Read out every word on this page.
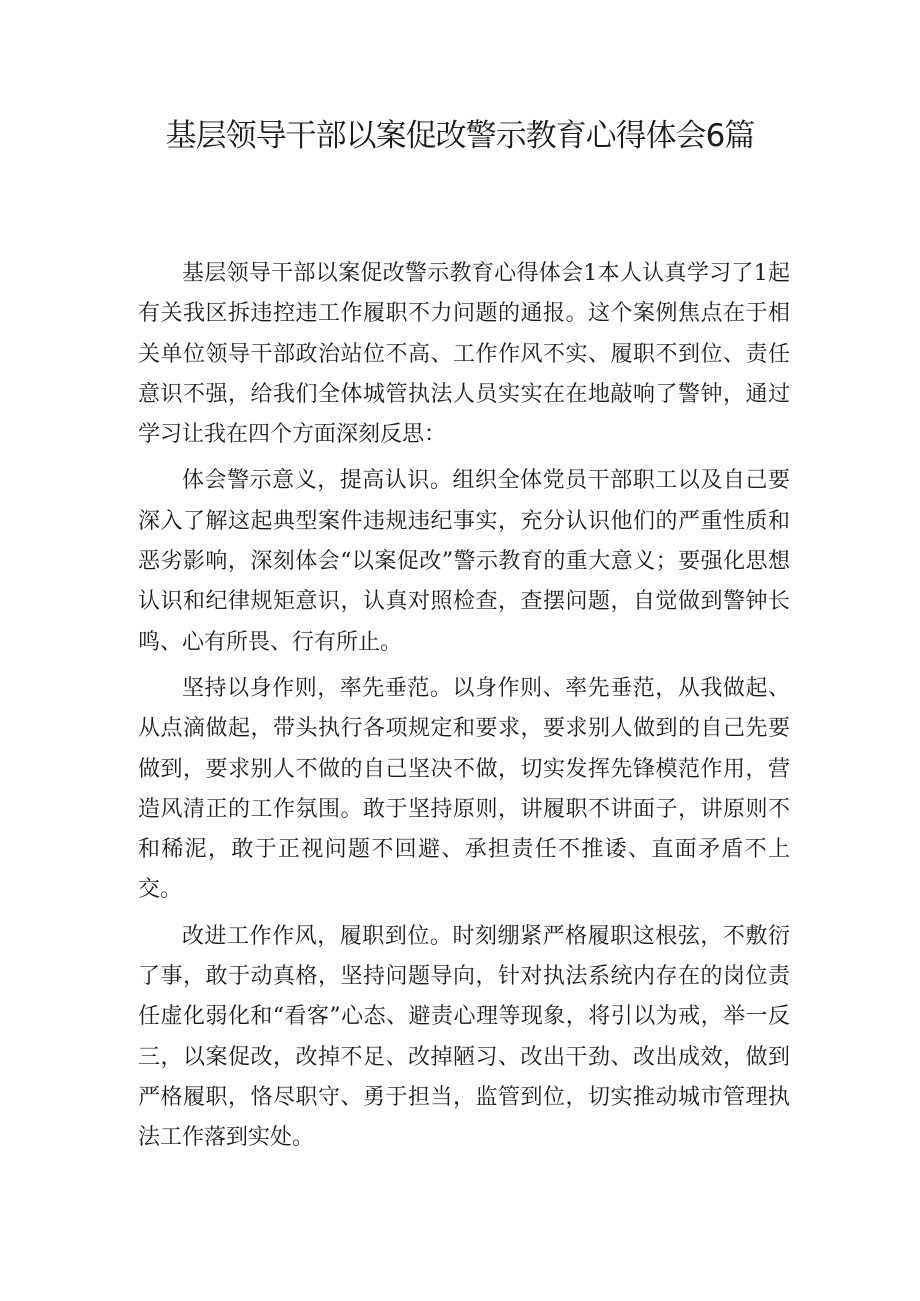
基层领导干部以案促改警示教育心得体会6篇

基层领导干部以案促改警示教育心得体会1本人认真学习了1起有关我区拆违控违工作履职不力问题的通报。这个案例焦点在于相关单位领导干部政治站位不高、工作作风不实、履职不到位、责任意识不强，给我们全体城管执法人员实实在在地敲响了警钟，通过学习让我在四个方面深刻反思：

体会警示意义，提高认识。组织全体党员干部职工以及自己要深入了解这起典型案件违规违纪事实，充分认识他们的严重性质和恶劣影响，深刻体会“以案促改”警示教育的重大意义；要强化思想认识和纪律规矩意识，认真对照检查，查摆问题，自觉做到警钟长鸣、心有所畏、行有所止。

坚持以身作则，率先垂范。以身作则、率先垂范，从我做起、从点滴做起，带头执行各项规定和要求，要求别人做到的自己先要做到，要求别人不做的自己坚决不做，切实发挥先锋模范作用，营造风清正的工作氛围。敢于坚持原则，讲履职不讲面子，讲原则不和稀泥，敢于正视问题不回避、承担责任不推诿、直面矛盾不上交。

改进工作作风，履职到位。时刻绷紧严格履职这根弦，不敷衍了事，敢于动真格，坚持问题导向，针对执法系统内存在的岗位责任虚化弱化和“看客”心态、避责心理等现象，将引以为戒，举一反三，以案促改，改掉不足、改掉陋习、改出干劲、改出成效，做到严格履职，恪尽职守、勇于担当，监管到位，切实推动城市管理执法工作落到实处。
